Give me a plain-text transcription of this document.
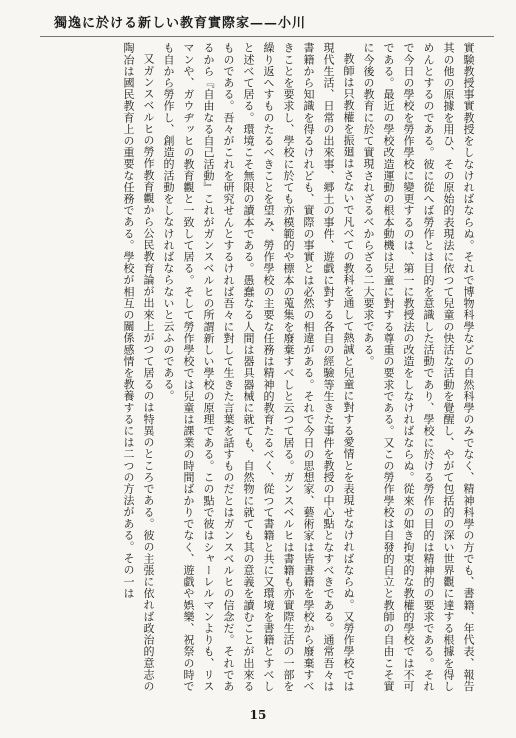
獨逸に於ける新しい教育實際家——小川

實験教授事實教授をしなければならぬ。それで博物科學などの自然科學のみでなく、精神科學の方でも、書籍、年代表、報告其の他の原據を用ひ、その原始的表現法に依つて兒童の快活な活動を覺醒し、やがて包括的の深い世界觀に達する根據を得しめんとするのである。彼に從へば勞作とは目的を意識した活動であり、學校に於ける勞作の目的は精神的の要求である。それで今日の學校を勞作學校に變更するのは、第一に教授法の改造をしなければならぬ。從來の如き拘束的な教權的學校では不可である。最近の學校改造運動の根本動機は兒童に對する尊重の要求である。又この勞作學校は自發的自立と教師の自由こそ實に今後の教育に於て實現されざるべからざる二大要求である。

教師は只教權を振廻はさないで凡べての教科を通して熱誠と兒童に對する愛情とを表現せなければならぬ。又勞作學校では現代生活、日常の出來事、郷土の事件、遊戯に對する各自の經驗等生きた事件を教授の中心點となすべきである。通常吾々は書籍から知識を得るけれども、實際の事實とは必然の相違がある。それで今日の思想家、藝術家は皆書籍を學校から廢棄すべきことを要求し、學校に於ても亦模範的や標本の蒐集を廢棄すべしと云つて居る。ガンスベルヒは書籍も亦實際生活の一部を繰り返へすものたるべきことを望み、勞作學校の主要な任務は精神的教育たるべく、從つて書籍と共に又環境を書籍とすべしと述べて居る。環境こそ無限の讀本である。愚蠢なる人間は器具器械に就ても、自然物に就ても其の意義を讀むことが出來るものである。吾々がこれを研究せんとするければ吾々に對して生きた言葉を話すものだとはガンスベルヒの信念だ。それであるから『自由なる自己活動』これがガンスベルヒの所謂新しい學校の原理である。この點で彼はシャーレルマンよりも、リスマンや、ガウヂッヒの教育觀と一致して居る。そして勞作學校では兒童は課業の時間ばかりでなく、遊戯や娯樂、祝祭の時でも自から勞作し、創造的活動をしなければならないと云ふのである。

又ガンスベルヒの勞作教育觀から公民教育論が出來上がつて居るのは特異のところである。彼の主張に依れば政治的意志の陶冶は國民教育上の重要な任務である。學校が相互の關係感情を教養するには二つの方法がある。その一は

15
